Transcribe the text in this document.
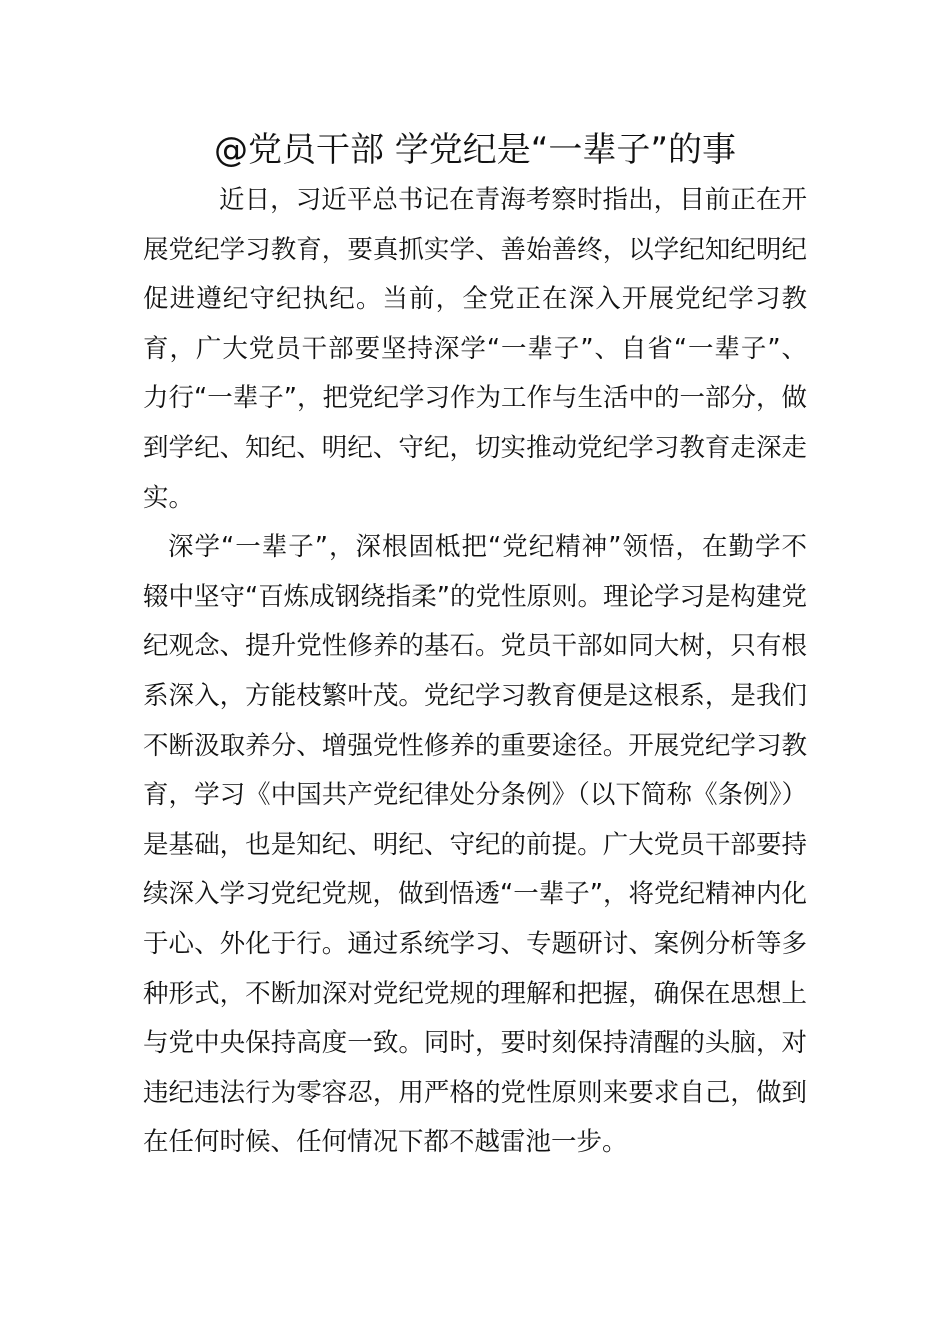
@党员干部 学党纪是“一辈子”的事

近日，习近平总书记在青海考察时指出，目前正在开展党纪学习教育，要真抓实学、善始善终，以学纪知纪明纪促进遵纪守纪执纪。当前，全党正在深入开展党纪学习教育，广大党员干部要坚持深学“一辈子”、自省“一辈子”、力行“一辈子”，把党纪学习作为工作与生活中的一部分，做到学纪、知纪、明纪、守纪，切实推动党纪学习教育走深走实。

深学“一辈子”，深根固柢把“党纪精神”领悟，在勤学不辍中坚守“百炼成钢绕指柔”的党性原则。理论学习是构建党纪观念、提升党性修养的基石。党员干部如同大树，只有根系深入，方能枝繁叶茂。党纪学习教育便是这根系，是我们不断汲取养分、增强党性修养的重要途径。开展党纪学习教育，学习《中国共产党纪律处分条例》（以下简称《条例》）是基础，也是知纪、明纪、守纪的前提。广大党员干部要持续深入学习党纪党规，做到悟透“一辈子”，将党纪精神内化于心、外化于行。通过系统学习、专题研讨、案例分析等多种形式，不断加深对党纪党规的理解和把握，确保在思想上与党中央保持高度一致。同时，要时刻保持清醒的头脑，对违纪违法行为零容忍，用严格的党性原则来要求自己，做到在任何时候、任何情况下都不越雷池一步。
